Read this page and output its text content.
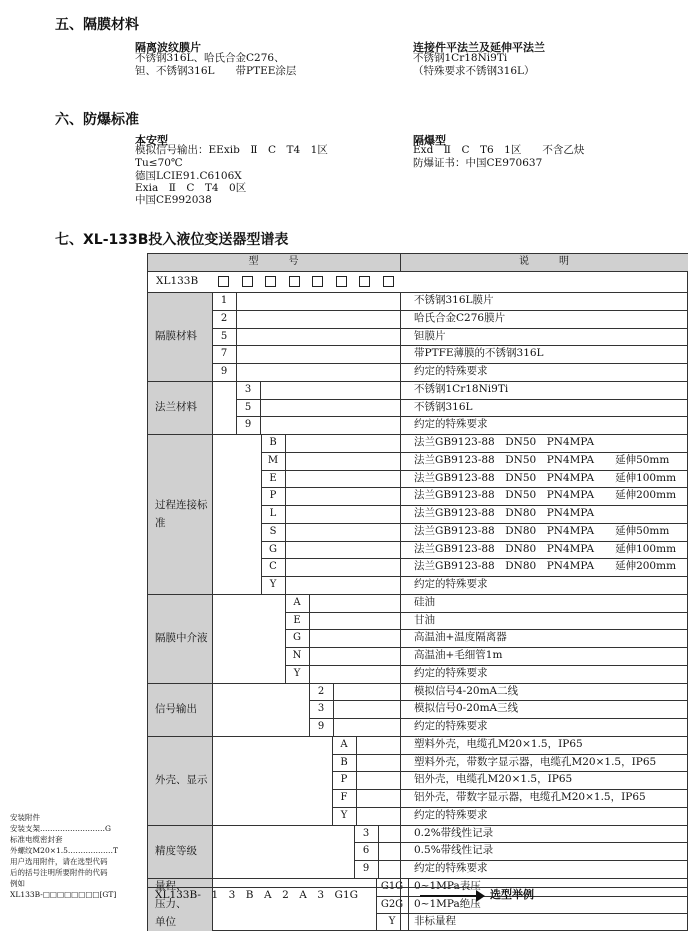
五、隔膜材料
隔离波纹膜片
不锈钢316L、哈氏合金C276、
钽、不锈钢316L　　带PTEE涂层
连接件平法兰及延伸平法兰
不锈钢1Cr18Ni9Ti
（特殊要求不锈钢316L）
六、防爆标准
本安型
模拟信号输出：EExib　Ⅱ　C　T4　1区
Tu≤70℃
德国LCIE91.C6106X
Exia　Ⅱ　C　T4　0区
中国CE992038
隔爆型
Exd　Ⅱ　C　T6　1区　　不含乙炔
防爆证书：中国CE970637
七、XL-133B投入液位变送器型谱表
型　　　号	说　　　明
XL133B
隔膜材料
1	不锈钢316L膜片
2	哈氏合金C276膜片
5	钽膜片
7	带PTFE薄膜的不锈钢316L
9	约定的特殊要求
法兰材料
3	不锈钢1Cr18Ni9Ti
5	不锈钢316L
9	约定的特殊要求
过程连接标准
B	法兰GB9123-88　DN50　PN4MPA
M	法兰GB9123-88　DN50　PN4MPA　　延伸50mm
E	法兰GB9123-88　DN50　PN4MPA　　延伸100mm
P	法兰GB9123-88　DN50　PN4MPA　　延伸200mm
L	法兰GB9123-88　DN80　PN4MPA
S	法兰GB9123-88　DN80　PN4MPA　　延伸50mm
G	法兰GB9123-88　DN80　PN4MPA　　延伸100mm
C	法兰GB9123-88　DN80　PN4MPA　　延伸200mm
Y	约定的特殊要求
隔膜中介液
A	硅油
E	甘油
G	高温油+温度隔离器
N	高温油+毛细管1m
Y	约定的特殊要求
信号输出
2	模拟信号4-20mA二线
3	模拟信号0-20mA三线
9	约定的特殊要求
外壳、显示
A	塑料外壳，电缆孔M20×1.5，IP65
B	塑料外壳，带数字显示器，电缆孔M20×1.5，IP65
P	铝外壳，电缆孔M20×1.5，IP65
F	铝外壳，带数字显示器，电缆孔M20×1.5，IP65
Y	约定的特殊要求
精度等级
3	0.2%带线性记录
6	0.5%带线性记录
9	约定的特殊要求
量程、压力、单位
G1G	0~1MPa表压
G2G	0~1MPa绝压
Y	非标量程
XL133B-　1　3　B　A　2　A　3　G1G	选型举例
安装附件
安装支架‥‥‥‥‥‥‥‥‥‥‥‥‥G
标准电缆密封套
外螺纹M20×1.5‥‥‥‥‥‥‥‥‥T
用户选用附件，请在选型代码
后的括号注明所要附件的代码
例如
XL133B-□□□□□□□□[GT]
